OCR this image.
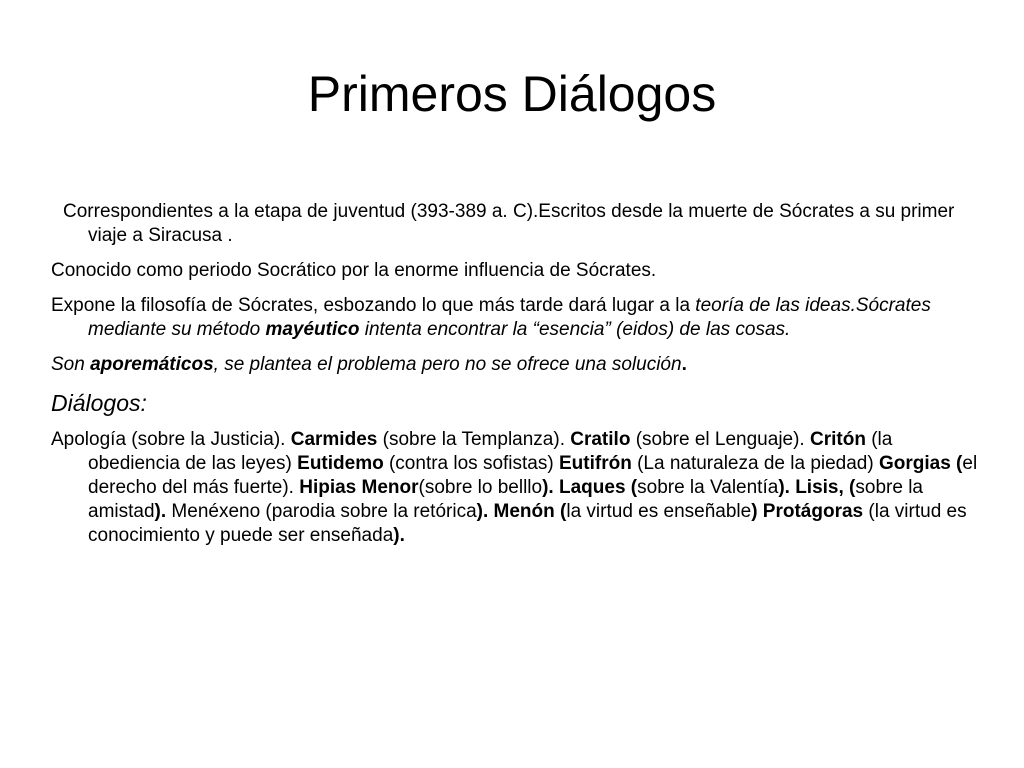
Primeros Diálogos

Correspondientes a la etapa de juventud (393-389 a. C).Escritos desde la muerte de Sócrates a su primer viaje a Siracusa .

Conocido como periodo Socrático por la enorme influencia de Sócrates.

Expone la filosofía de Sócrates, esbozando lo que más tarde dará lugar a la teoría de las ideas.Sócrates mediante su método mayéutico intenta encontrar la “esencia” (eidos) de las cosas.

Son aporemáticos, se plantea el problema pero no se ofrece una solución.

Diálogos:

Apología (sobre la Justicia). Carmides (sobre la Templanza). Cratilo (sobre el Lenguaje). Critón (la obediencia de las leyes) Eutidemo (contra los sofistas) Eutifrón (La naturaleza de la piedad) Gorgias (el derecho del más fuerte). Hipias Menor(sobre lo belllo). Laques (sobre la Valentía). Lisis, (sobre la amistad). Menéxeno (parodia sobre la retórica). Menón (la virtud es enseñable) Protágoras (la virtud es conocimiento y puede ser enseñada).
